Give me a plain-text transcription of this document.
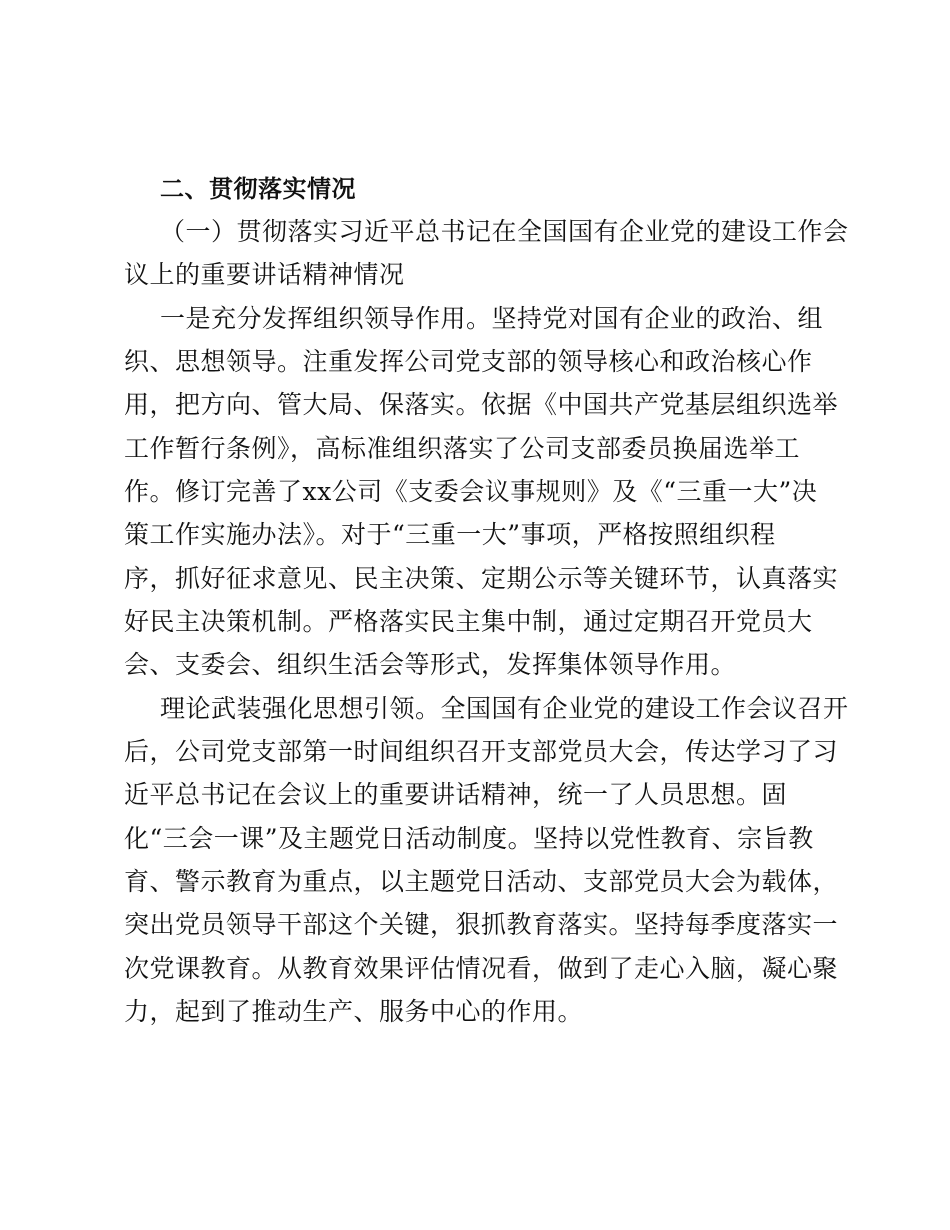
二、贯彻落实情况
（一）贯彻落实习近平总书记在全国国有企业党的建设工作会
议上的重要讲话精神情况
一是充分发挥组织领导作用。坚持党对国有企业的政治、组
织、思想领导。注重发挥公司党支部的领导核心和政治核心作
用，把方向、管大局、保落实。依据《中国共产党基层组织选举
工作暂行条例》，高标准组织落实了公司支部委员换届选举工
作。修订完善了xx公司《支委会议事规则》及《“三重一大”决
策工作实施办法》。对于“三重一大”事项，严格按照组织程
序，抓好征求意见、民主决策、定期公示等关键环节，认真落实
好民主决策机制。严格落实民主集中制，通过定期召开党员大
会、支委会、组织生活会等形式，发挥集体领导作用。
理论武装强化思想引领。全国国有企业党的建设工作会议召开
后，公司党支部第一时间组织召开支部党员大会，传达学习了习
近平总书记在会议上的重要讲话精神，统一了人员思想。固
化“三会一课”及主题党日活动制度。坚持以党性教育、宗旨教
育、警示教育为重点，以主题党日活动、支部党员大会为载体，
突出党员领导干部这个关键，狠抓教育落实。坚持每季度落实一
次党课教育。从教育效果评估情况看，做到了走心入脑，凝心聚
力，起到了推动生产、服务中心的作用。
